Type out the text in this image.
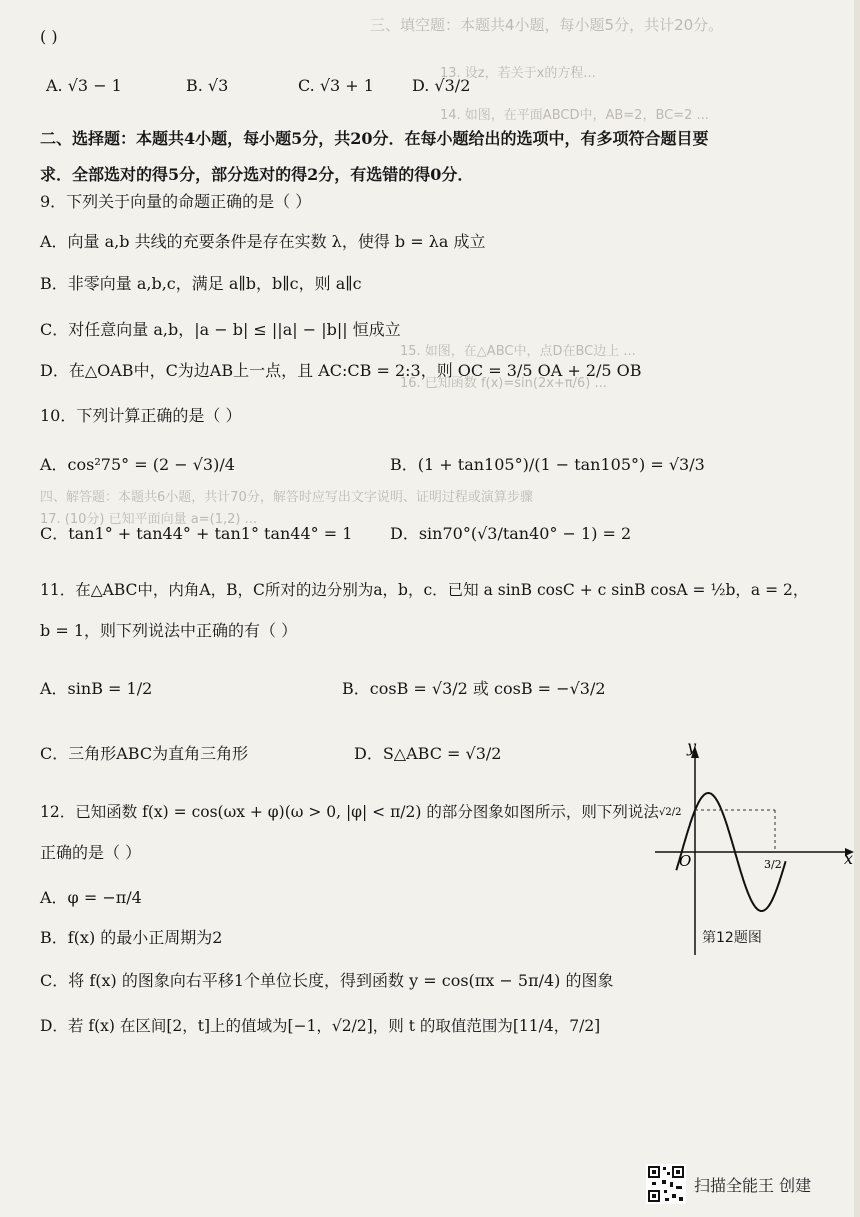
三、填空题：本题共4小题，每小题5分，共计20分。
13. 设z，若关于x的方程...
14. 如图，在平面ABCD中，AB=2，BC=2 ...
15. 如图，在△ABC中，点D在BC边上 ...
16. 已知函数 f(x)=sin(2x+π/6) ...
四、解答题：本题共6小题，共计70分，解答时应写出文字说明、证明过程或演算步骤
17. (10分) 已知平面向量 a=(1,2) ...
( )
A. √3 − 1	B. √3	C. √3 + 1 D. √3/2
二、选择题：本题共4小题，每小题5分，共20分．在每小题给出的选项中，有多项符合题目要
求．全部选对的得5分，部分选对的得2分，有选错的得0分．
9．下列关于向量的命题正确的是（ ）
A．向量 a,b 共线的充要条件是存在实数 λ，使得 b = λa 成立
B．非零向量 a,b,c，满足 a∥b，b∥c，则 a∥c
C．对任意向量 a,b，|a − b| ≤ ||a| − |b|| 恒成立
D．在△OAB中，C为边AB上一点，且 AC:CB = 2:3，则 OC = 3/5 OA + 2/5 OB
10．下列计算正确的是（ ）
A．cos²75° = (2 − √3)/4	B．(1 + tan105°)/(1 − tan105°) = √3/3
C．tan1° + tan44° + tan1° tan44° = 1 D．sin70°(√3/tan40° − 1) = 2
11．在△ABC中，内角A，B，C所对的边分别为a，b，c．已知 a sinB cosC + c sinB cosA = ½b，a = 2，
b = 1，则下列说法中正确的有（ ）
A．sinB = 1/2	B．cosB = √3/2 或 cosB = −√3/2
C．三角形ABC为直角三角形	D．S△ABC = √3/2
12．已知函数 f(x) = cos(ωx + φ)(ω > 0, |φ| < π/2) 的部分图象如图所示，则下列说法
正确的是（ ）
A．φ = −π/4
B．f(x) 的最小正周期为2
C．将 f(x) 的图象向右平移1个单位长度，得到函数 y = cos(πx − 5π/4) 的图象
D．若 f(x) 在区间[2，t]上的值域为[−1，√2/2]，则 t 的取值范围为[11/4，7/2]
y
x
O
√2/2
3/2
第12题图
扫描全能王 创建
